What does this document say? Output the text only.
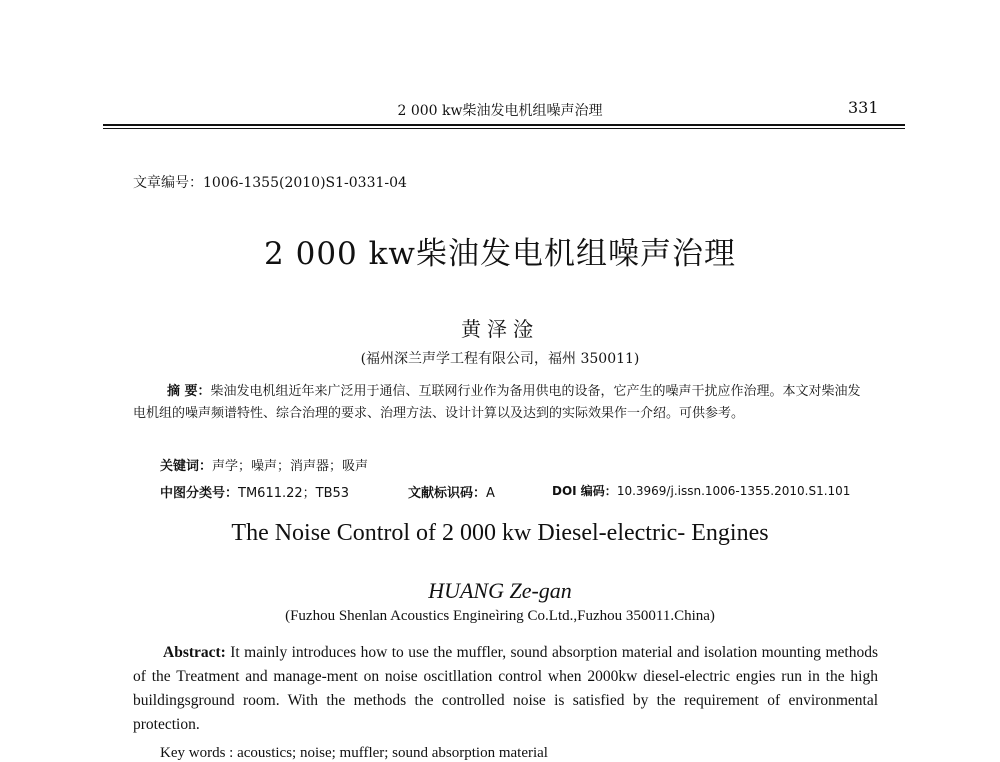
2 000 kw柴油发电机组噪声治理	331
文章编号：1006-1355(2010)S1-0331-04
2 000 kw柴油发电机组噪声治理
黄泽淦
(福州深兰声学工程有限公司，福州 350011)
摘 要：柴油发电机组近年来广泛用于通信、互联网行业作为备用供电的设备，它产生的噪声干扰应作治理。本文对柴油发电机组的噪声频谱特性、综合治理的要求、治理方法、设计计算以及达到的实际效果作一介绍。可供参考。
关键词：声学；噪声；消声器；吸声
中图分类号：TM611.22；TB53	文献标识码：A	DOI 编码：10.3969/j.issn.1006-1355.2010.S1.101
The Noise Control of 2 000 kw Diesel-electric- Engines
HUANG Ze-gan
(Fuzhou Shenlan Acoustics Engineìring Co.Ltd.,Fuzhou 350011.China)
Abstract: It mainly introduces how to use the muffler, sound absorption material and isolation mounting methods of the Treatment and manage-ment on noise oscitllation control when 2000kw diesel-electric engies run in the high buildingsground room. With the methods the controlled noise is satisfied by the requirement of environmental protection.
Key words : acoustics; noise; muffler; sound absorption material
